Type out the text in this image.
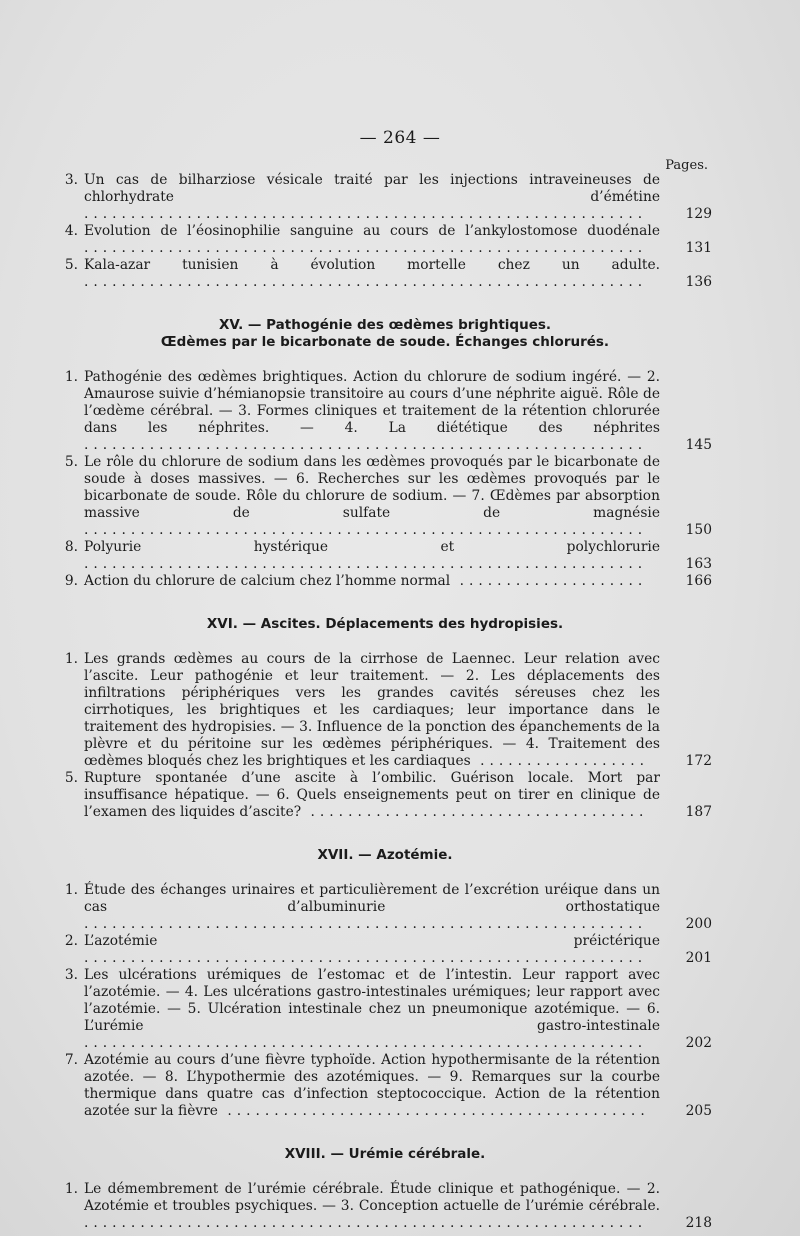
— 264 —
Pages.
3. Un cas de bilharziose vésicale traité par les injections intraveineuses de chlorhydrate d’émétine ............................................................	129
4. Evolution de l’éosinophilie sanguine au cours de l’ankylostomose duodénale ............................................................	131
5. Kala-azar tunisien à évolution mortelle chez un adulte. ............................................................	136
XV. — Pathogénie des œdèmes brightiques.
Œdèmes par le bicarbonate de soude. Échanges chlorurés.
1. Pathogénie des œdèmes brightiques. Action du chlorure de sodium ingéré. — 2. Amaurose suivie d’hémianopsie transitoire au cours d’une néphrite aiguë. Rôle de l’œdème cérébral. — 3. Formes cliniques et traitement de la rétention chlorurée dans les néphrites. — 4. La diététique des néphrites ............................................................	145
5. Le rôle du chlorure de sodium dans les œdèmes provoqués par le bicarbonate de soude à doses massives. — 6. Recherches sur les œdèmes provoqués par le bicarbonate de soude. Rôle du chlorure de sodium. — 7. Œdèmes par absorption massive de sulfate de magnésie ............................................................	150
8. Polyurie hystérique et polychlorurie ............................................................	163
9. Action du chlorure de calcium chez l’homme normal ....................	166
XVI. — Ascites. Déplacements des hydropisies.
1. Les grands œdèmes au cours de la cirrhose de Laennec. Leur relation avec l’ascite. Leur pathogénie et leur traitement. — 2. Les déplacements des infiltrations périphériques vers les grandes cavités séreuses chez les cirrhotiques, les brightiques et les cardiaques; leur importance dans le traitement des hydropisies. — 3. Influence de la ponction des épanchements de la plèvre et du péritoine sur les œdèmes périphériques. — 4. Traitement des œdèmes bloqués chez les brightiques et les cardiaques ..................	172
5. Rupture spontanée d’une ascite à l’ombilic. Guérison locale. Mort par insuffisance hépatique. — 6. Quels enseignements peut on tirer en clinique de l’examen des liquides d’ascite? ....................................	187
XVII. — Azotémie.
1. Étude des échanges urinaires et particulièrement de l’excrétion uréique dans un cas d’albuminurie orthostatique ............................................................	200
2. L’azotémie préictérique ............................................................	201
3. Les ulcérations urémiques de l’estomac et de l’intestin. Leur rapport avec l’azotémie. — 4. Les ulcérations gastro-intestinales urémiques; leur rapport avec l’azotémie. — 5. Ulcération intestinale chez un pneumonique azotémique. — 6. L’urémie gastro-intestinale ............................................................	202
7. Azotémie au cours d’une fièvre typhoïde. Action hypothermisante de la rétention azotée. — 8. L’hypothermie des azotémiques. — 9. Remarques sur la courbe thermique dans quatre cas d’infection steptococcique. Action de la rétention azotée sur la fièvre .............................................	205
XVIII. — Urémie cérébrale.
1. Le démembrement de l’urémie cérébrale. Étude clinique et pathogénique. — 2. Azotémie et troubles psychiques. — 3. Conception actuelle de l’urémie cérébrale. ............................................................	218
